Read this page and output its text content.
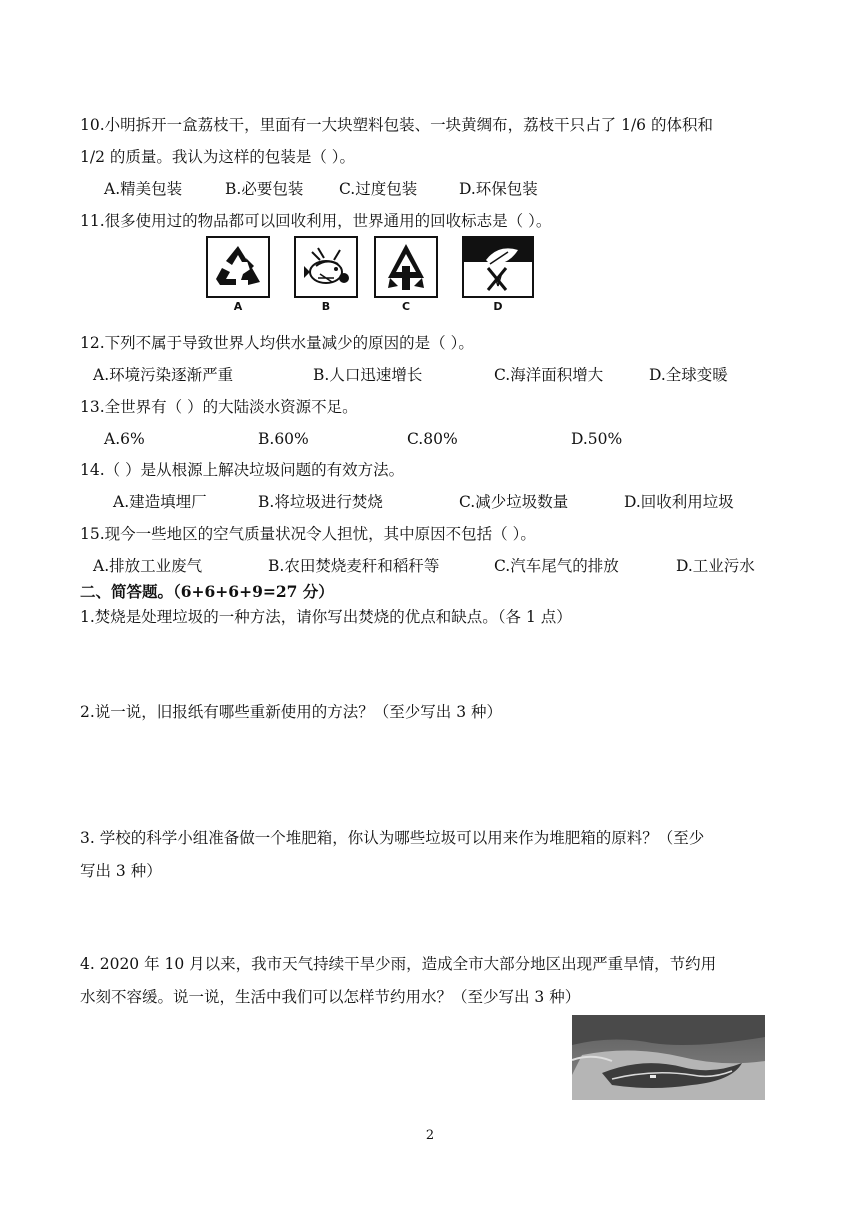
10.小明拆开一盒荔枝干，里面有一大块塑料包装、一块黄绸布，荔枝干只占了 1/6 的体积和
1/2 的质量。我认为这样的包装是（ ）。
A.精美包装	B.必要包装 C.过度包装	D.环保包装
11.很多使用过的物品都可以回收利用，世界通用的回收标志是（ ）。
A	B	C	D
12.下列不属于导致世界人均供水量减少的原因的是（ ）。
A.环境污染逐渐严重	B.人口迅速增长	C.海洋面积增大	D.全球变暖
13.全世界有（ ）的大陆淡水资源不足。
A.6%	B.60%	C.80%	D.50%
14.（ ）是从根源上解决垃圾问题的有效方法。
A.建造填埋厂	B.将垃圾进行焚烧	C.减少垃圾数量	D.回收利用垃圾
15.现今一些地区的空气质量状况令人担忧，其中原因不包括（ ）。
A.排放工业废气	B.农田焚烧麦秆和稻秆等	C.汽车尾气的排放	D.工业污水
二、简答题。（6+6+6+9=27 分）
1.焚烧是处理垃圾的一种方法，请你写出焚烧的优点和缺点。（各 1 点）
2.说一说，旧报纸有哪些重新使用的方法？（至少写出 3 种）
3. 学校的科学小组准备做一个堆肥箱，你认为哪些垃圾可以用来作为堆肥箱的原料？（至少
写出 3 种）
4. 2020 年 10 月以来，我市天气持续干旱少雨，造成全市大部分地区出现严重旱情，节约用
水刻不容缓。说一说，生活中我们可以怎样节约用水？（至少写出 3 种）
2
